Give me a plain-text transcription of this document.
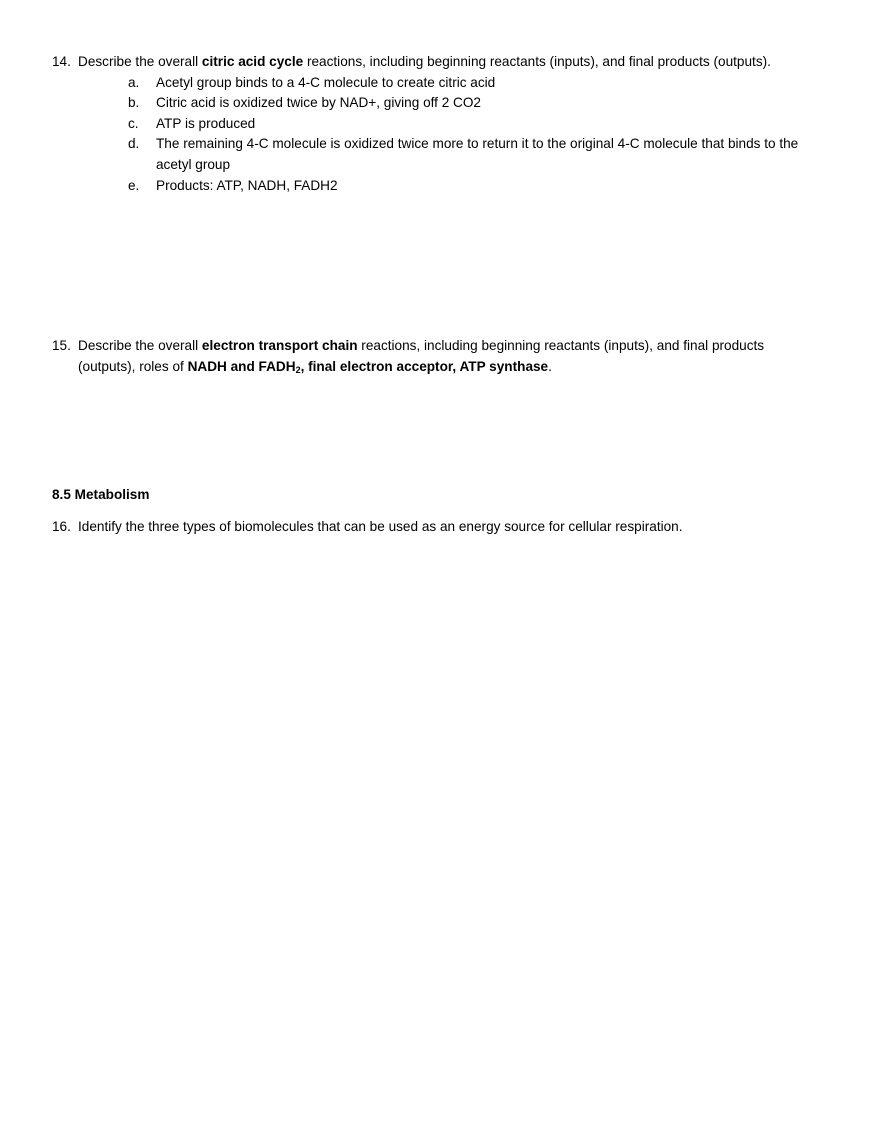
14. Describe the overall citric acid cycle reactions, including beginning reactants (inputs), and final products (outputs).
a.	Acetyl group binds to a 4-C molecule to create citric acid
b.	Citric acid is oxidized twice by NAD+, giving off 2 CO2
c.	ATP is produced
d.	The remaining 4-C molecule is oxidized twice more to return it to the original 4-C molecule that binds to the acetyl group
e.	Products: ATP, NADH, FADH2
15. Describe the overall electron transport chain reactions, including beginning reactants (inputs), and final products (outputs), roles of NADH and $FADH_2$, final electron acceptor, ATP synthase.
8.5 Metabolism
16. Identify the three types of biomolecules that can be used as an energy source for cellular respiration.
